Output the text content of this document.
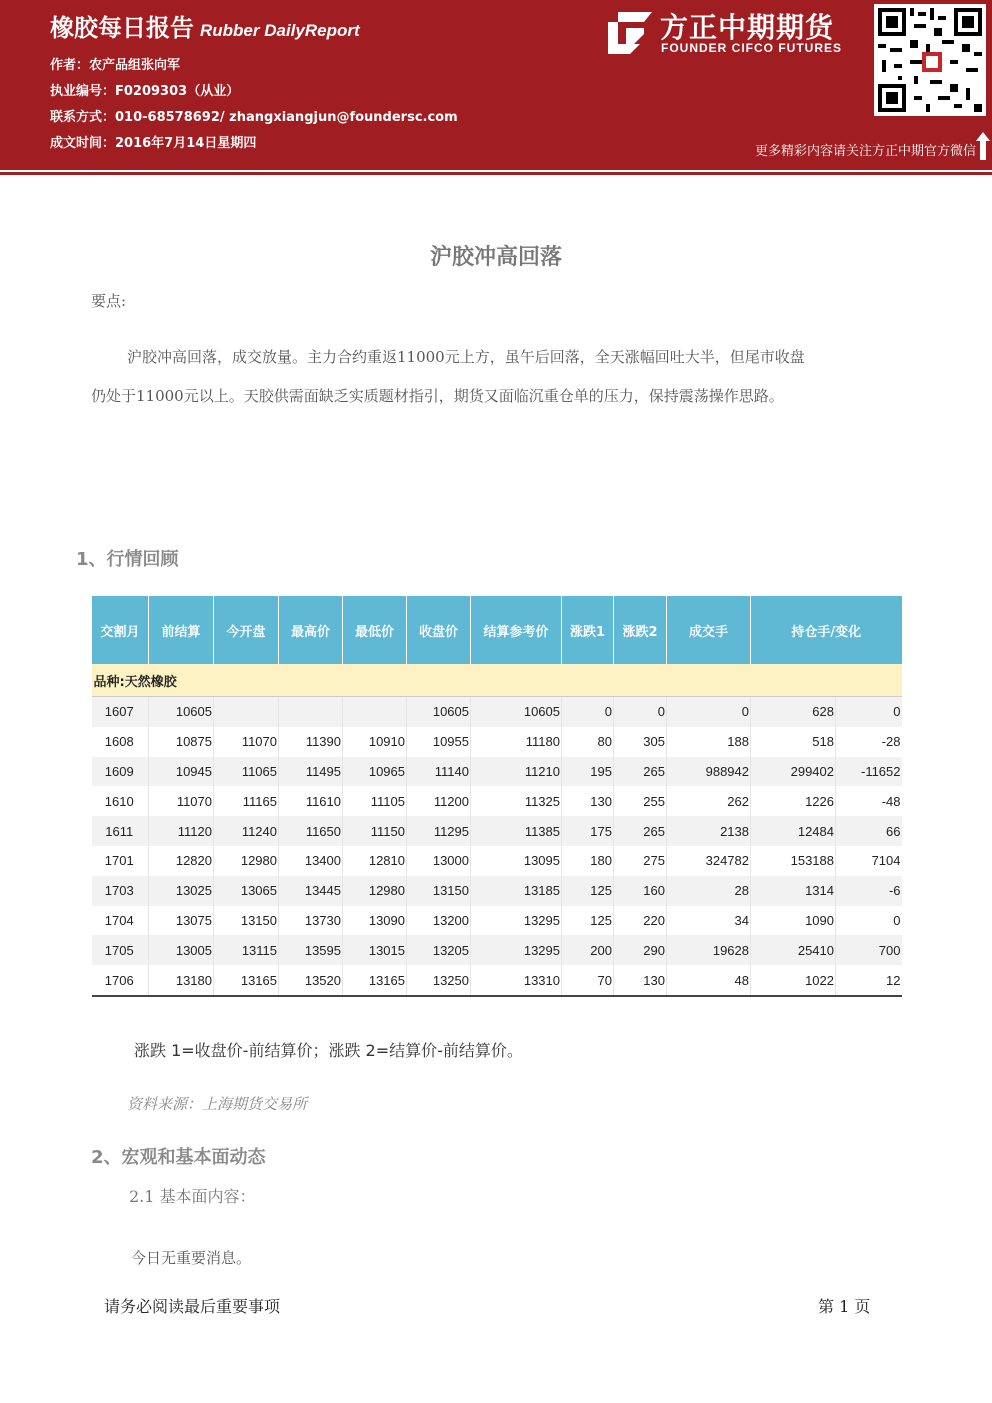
橡胶每日报告 Rubber DailyReport
作者：农产品组张向军
执业编号：F0209303（从业）
联系方式：010-68578692/ zhangxiangjun@foundersc.com
成文时间：2016年7月14日星期四
方正中期期货
FOUNDER CIFCO FUTURES
更多精彩内容请关注方正中期官方微信
沪胶冲高回落
要点:
沪胶冲高回落，成交放量。主力合约重返11000元上方，虽午后回落，全天涨幅回吐大半，但尾市收盘
仍处于11000元以上。天胶供需面缺乏实质题材指引，期货又面临沉重仓单的压力，保持震荡操作思路。
1、行情回顾
交割月	前结算	今开盘	最高价	最低价	收盘价	结算参考价	涨跌1	涨跌2	成交手	持仓手/变化	
品种:天然橡胶											
1607	10605				10605	10605	0	0	0	628	0
1608	10875	11070	11390	10910	10955	11180	80	305	188	518	-28
1609	10945	11065	11495	10965	11140	11210	195	265	988942	299402	-11652
1610	11070	11165	11610	11105	11200	11325	130	255	262	1226	-48
1611	11120	11240	11650	11150	11295	11385	175	265	2138	12484	66
1701	12820	12980	13400	12810	13000	13095	180	275	324782	153188	7104
1703	13025	13065	13445	12980	13150	13185	125	160	28	1314	-6
1704	13075	13150	13730	13090	13200	13295	125	220	34	1090	0
1705	13005	13115	13595	13015	13205	13295	200	290	19628	25410	700
1706	13180	13165	13520	13165	13250	13310	70	130	48	1022	12
涨跌 1=收盘价-前结算价；涨跌 2=结算价-前结算价。
资料来源：上海期货交易所
2、宏观和基本面动态
2.1 基本面内容：
今日无重要消息。
请务必阅读最后重要事项	第 1 页
